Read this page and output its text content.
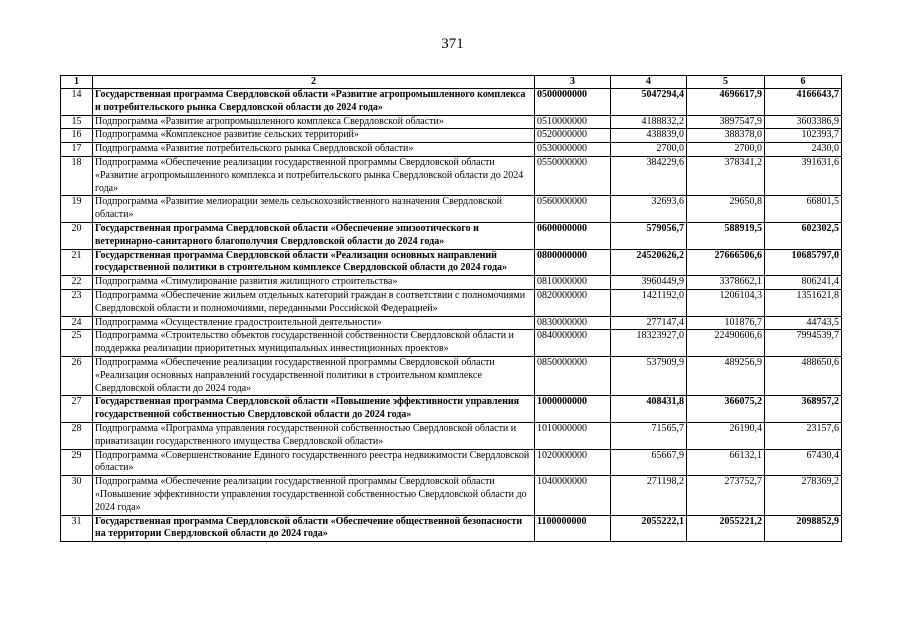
371
1	2	3	4	5	6
14	Государственная программа Свердловской области «Развитие агропромышленного комплекса и потребительского рынка Свердловской области до 2024 года»	0500000000	5047294,4	4696617,9	4166643,7
15	Подпрограмма «Развитие агропромышленного комплекса Свердловской области»	0510000000	4188832,2	3897547,9	3603386,9
16	Подпрограмма «Комплексное развитие сельских территорий»	0520000000	438839,0	388378,0	102393,7
17	Подпрограмма «Развитие потребительского рынка Свердловской области»	0530000000	2700,0	2700,0	2430,0
18	Подпрограмма «Обеспечение реализации государственной программы Свердловской области «Развитие агропромышленного комплекса и потребительского рынка Свердловской области до 2024 года»	0550000000	384229,6	378341,2	391631,6
19	Подпрограмма «Развитие мелиорации земель сельскохозяйственного назначения Свердловской области»	0560000000	32693,6	29650,8	66801,5
20	Государственная программа Свердловской области «Обеспечение эпизоотического и ветеринарно-санитарного благополучия Свердловской области до 2024 года»	0600000000	579056,7	588919,5	602302,5
21	Государственная программа Свердловской области «Реализация основных направлений государственной политики в строительном комплексе Свердловской области до 2024 года»	0800000000	24520626,2	27666506,6	10685797,0
22	Подпрограмма «Стимулирование развития жилищного строительства»	0810000000	3960449,9	3378662,1	806241,4
23	Подпрограмма «Обеспечение жильем отдельных категорий граждан в соответствии с полномочиями Свердловской области и полномочиями, переданными Российской Федерацией»	0820000000	1421192,0	1206104,3	1351621,8
24	Подпрограмма «Осуществление градостроительной деятельности»	0830000000	277147,4	101876,7	44743,5
25	Подпрограмма «Строительство объектов государственной собственности Свердловской области и поддержка реализации приоритетных муниципальных инвестиционных проектов»	0840000000	18323927,0	22490606,6	7994539,7
26	Подпрограмма «Обеспечение реализации государственной программы Свердловской области «Реализация основных направлений государственной политики в строительном комплексе Свердловской области до 2024 года»	0850000000	537909,9	489256,9	488650,6
27	Государственная программа Свердловской области «Повышение эффективности управления государственной собственностью Свердловской области до 2024 года»	1000000000	408431,8	366075,2	368957,2
28	Подпрограмма «Программа управления государственной собственностью Свердловской области и приватизации государственного имущества Свердловской области»	1010000000	71565,7	26190,4	23157,6
29	Подпрограмма «Совершенствование Единого государственного реестра недвижимости Свердловской области»	1020000000	65667,9	66132,1	67430,4
30	Подпрограмма «Обеспечение реализации государственной программы Свердловской области «Повышение эффективности управления государственной собственностью Свердловской области до 2024 года»	1040000000	271198,2	273752,7	278369,2
31	Государственная программа Свердловской области «Обеспечение общественной безопасности на территории Свердловской области до 2024 года»	1100000000	2055222,1	2055221,2	2098852,9
